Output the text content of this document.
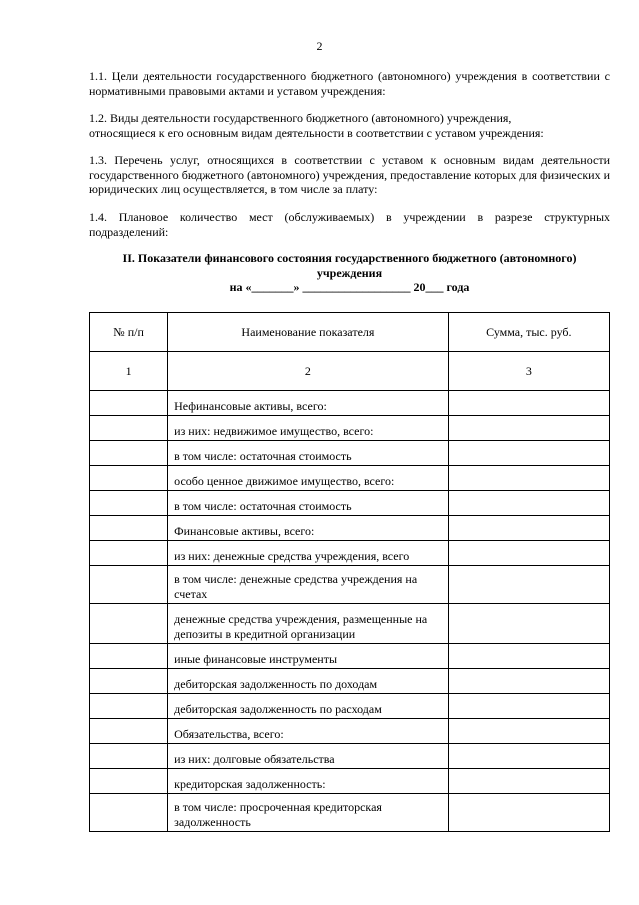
2

1.1. Цели деятельности государственного бюджетного (автономного) учреждения в соответствии с нормативными правовыми актами и уставом учреждения:

1.2. Виды деятельности государственного бюджетного (автономного) учреждения,
относящиеся к его основным видам деятельности в соответствии с уставом учреждения:

1.3. Перечень услуг, относящихся в соответствии с уставом к основным видам деятельности государственного бюджетного (автономного) учреждения, предоставление которых для физических и юридических лиц осуществляется, в том числе за плату:

1.4. Плановое количество мест (обслуживаемых) в учреждении в разрезе структурных подразделений:

II. Показатели финансового состояния государственного бюджетного (автономного) учреждения
на «_______» __________________ 20___ года
№ п/п	Наименование показателя	Сумма, тыс. руб.
1	2	3
	Нефинансовые активы, всего:	
	из них: недвижимое имущество, всего:	
	в том числе: остаточная стоимость	
	особо ценное движимое имущество, всего:	
	в том числе: остаточная стоимость	
	Финансовые активы, всего:	
	из них: денежные средства учреждения, всего	
	в том числе: денежные средства учреждения на счетах	
	денежные средства учреждения, размещенные на депозиты в кредитной организации	
	иные финансовые инструменты	
	дебиторская задолженность по доходам	
	дебиторская задолженность по расходам	
	Обязательства, всего:	
	из них: долговые обязательства	
	кредиторская задолженность:	
	в том числе: просроченная кредиторская задолженность	
